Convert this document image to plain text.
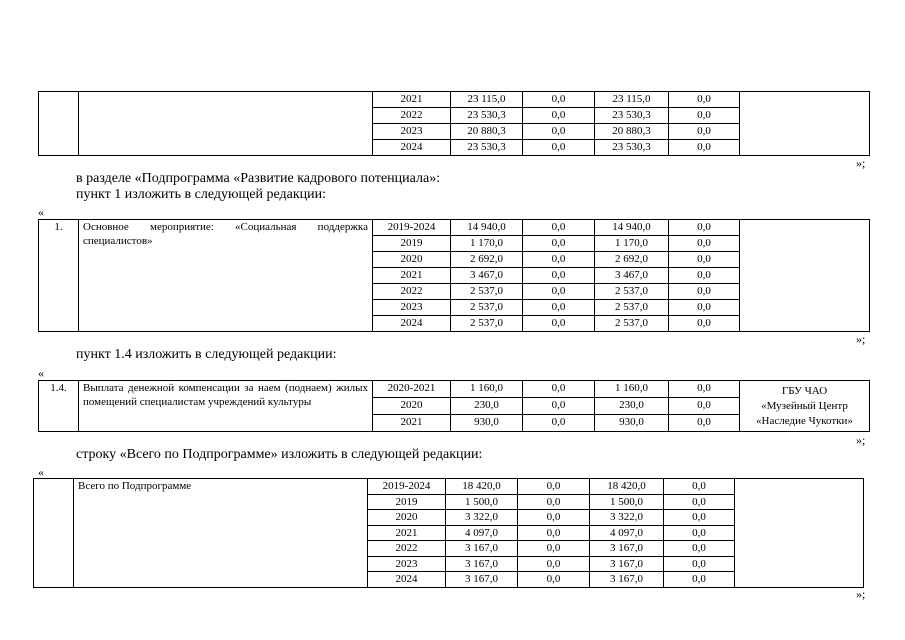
		2021	23 115,0	0,0	23 115,0	0,0	
		2022	23 530,3	0,0	23 530,3	0,0	
		2023	20 880,3	0,0	20 880,3	0,0	
		2024	23 530,3	0,0	23 530,3	0,0	
»;
в разделе «Подпрограмма «Развитие кадрового потенциала»:
пункт 1 изложить в следующей редакции:
«
1.	Основное мероприятие: «Социальная поддержка специалистов»	2019-2024	14 940,0	0,0	14 940,0	0,0	
		2019	1 170,0	0,0	1 170,0	0,0	
		2020	2 692,0	0,0	2 692,0	0,0	
		2021	3 467,0	0,0	3 467,0	0,0	
		2022	2 537,0	0,0	2 537,0	0,0	
		2023	2 537,0	0,0	2 537,0	0,0	
		2024	2 537,0	0,0	2 537,0	0,0	
»;
пункт 1.4 изложить в следующей редакции:
«
1.4.	Выплата денежной компенсации за наем (поднаем) жилых помещений специалистам учреждений культуры	2020-2021	1 160,0	0,0	1 160,0	0,0	ГБУ ЧАО
«Музейный Центр
«Наследие Чукотки»

		2020	230,0	0,0	230,0	0,0	
		2021	930,0	0,0	930,0	0,0	
»;
строку «Всего по Подпрограмме» изложить в следующей редакции:
«
	Всего по Подпрограмме	2019-2024	18 420,0	0,0	18 420,0	0,0	
		2019	1 500,0	0,0	1 500,0	0,0	
		2020	3 322,0	0,0	3 322,0	0,0	
		2021	4 097,0	0,0	4 097,0	0,0	
		2022	3 167,0	0,0	3 167,0	0,0	
		2023	3 167,0	0,0	3 167,0	0,0	
		2024	3 167,0	0,0	3 167,0	0,0	
»;
